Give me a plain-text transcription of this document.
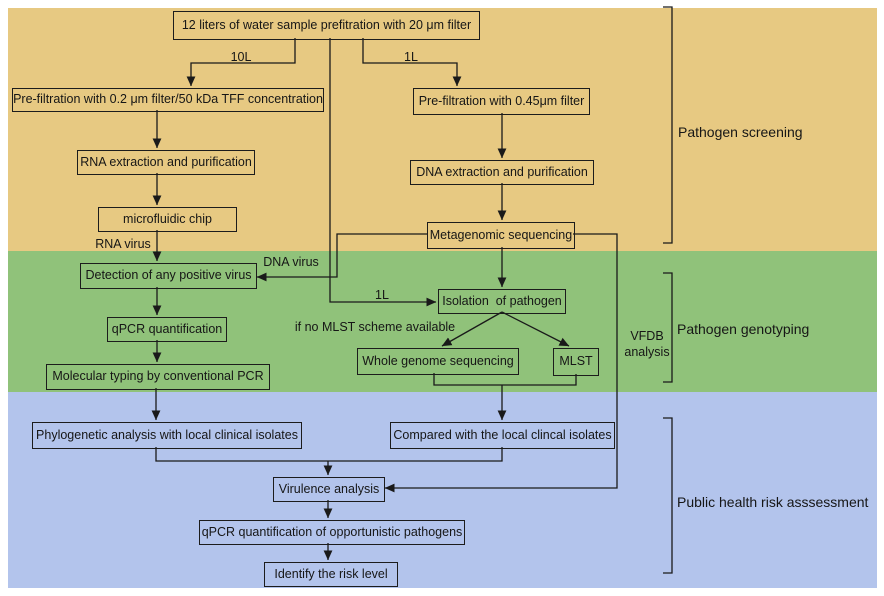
12 liters of water sample prefitration with 20 μm filter
Pre-filtration with 0.2 μm filter/50 kDa TFF concentration
RNA extraction and purification
microfluidic chip
Detection of any positive virus
qPCR quantification
Molecular typing by conventional PCR
Phylogenetic analysis with local clinical isolates
Pre-filtration with 0.45μm filter
DNA extraction and purification
Metagenomic sequencing
Isolation  of pathogen
Whole genome sequencing	MLST
Compared with the local clincal isolates
Virulence analysis
qPCR quantification of opportunistic pathogens
Identify the risk level
10L	1L
1L
RNA virus
DNA virus
if no MLST scheme available
VFDB analysis
Pathogen screening
Pathogen genotyping
Public health risk asssessment
